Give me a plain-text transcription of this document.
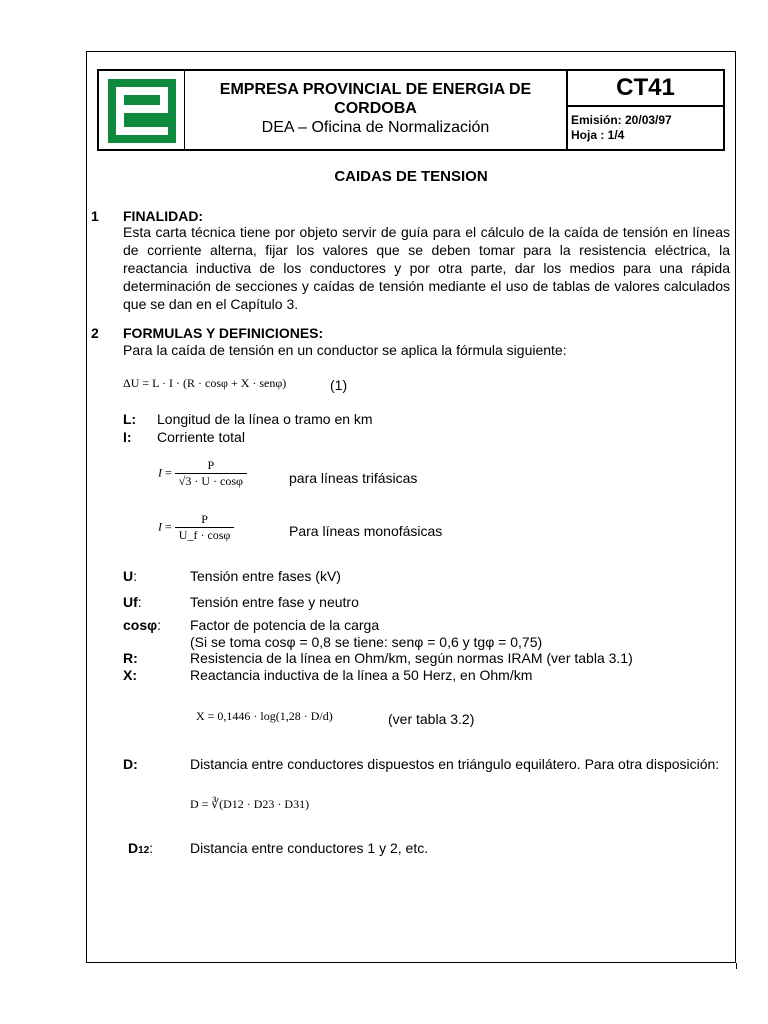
EMPRESA PROVINCIAL DE ENERGIA DE CORDOBA
DEA – Oficina de Normalización
CT41
Emisión: 20/03/97
Hoja : 1/4
CAIDAS DE TENSION
1 FINALIDAD:
Esta carta técnica tiene por objeto servir de guía para el cálculo de la caída de tensión en líneas de corriente alterna, fijar los valores que se deben tomar para la resistencia eléctrica, la reactancia inductiva de los conductores y por otra parte, dar los medios para una rápida determinación de secciones y caídas de tensión mediante el uso de tablas de valores calculados que se dan en el Capítulo 3.
2 FORMULAS Y DEFINICIONES:
Para la caída de tensión en un conductor se aplica la fórmula siguiente:
ΔU = L · I · (R · cosφ + X · senφ)	(1)
L: Longitud de la línea o tramo en km
I: Corriente total
$I = \frac{P}{√3 \cdot U \cdot \cos\varphi}$	para líneas trifásicas
$I = \frac{P}{U\_f \cdot \cos\varphi}$	Para líneas monofásicas
U:	Tensión entre fases (kV)
Uf:	Tensión entre fase y neutro
cosφ: Factor de potencia de la carga
(Si se toma cosφ = 0,8 se tiene: senφ = 0,6 y tgφ = 0,75)
R:	Resistencia de la línea en Ohm/km, según normas IRAM (ver tabla 3.1)
X:	Reactancia inductiva de la línea a 50 Herz, en Ohm/km
X = 0,1446 · log(1,28 · D/d)	(ver tabla 3.2)
D:	Distancia entre conductores dispuestos en triángulo equilátero. Para otra disposición:
D = ∛(D12 · D23 · D31)
D12:	Distancia entre conductores 1 y 2, etc.
